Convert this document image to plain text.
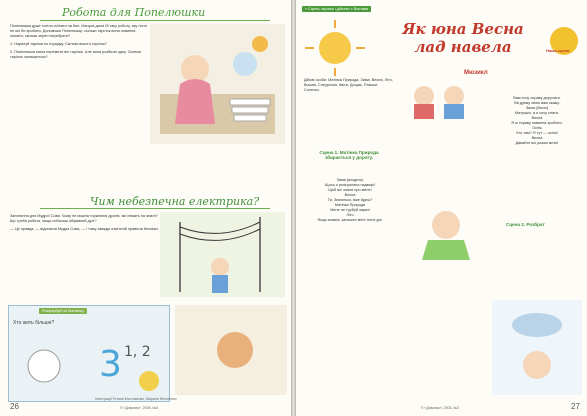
Робота для Попелюшки

Попелюшка дуже хотіла поїхати на бал. Мачуха дала їй таку роботу, яку ніхто не міг би зробити. Допоможи Попелюшці: скільки тарілок вона повинна помити, скільки зерен перебрати?

1. Нарахуй тарілки по порядку. Скільки всього тарілок?

2. Попелюшка мала перемити всі тарілки. Але вона розбила одну. Скільки тарілок залишилося?

Чим небезпечна електрика?

Запитання для Мудрої Сови. Чому не можна торкатися дротів, які лежать на землі? Що треба робити, якщо побачиш обірваний дріт?

— Це правда, — відповіла Мудра Сова, — і тому завжди пам’ятай правила безпеки.

Розфарбуй на Малюнку
Хто жить більше?
3 1, 2
Ілюстрації Тетяни Мостовенко, Марини Філоненко
26	© «Дзвоник», 2008, №3
« Сцена, музика і дійство » Вистава
Як юна Весна лад навела	Наша сцена
Мюзикл

Дійові особи: Матінка Природа, Зима, Весна, Літо, Вишня, Снігурочка, Квіти, Дощик, Пташки, Сонечко.

Сцена 1. Матінка Природа збирається у дорогу.

Зима (входить)

Щось я розігралася надворі!

Щоб всі знали про мене!

Весна

Ти, Зимонько, вже йдеш?

Матінка Природа

Мене не турбуй зараз!

Літо

Якщо можна, залиште мені теплі дні.

Вам хочу справу доручити.

Ви думку свою вам скажу.

Зима (Весні)

Матушко, а я хочу спати.

Весна

Я ж справу повинна зробити.

Осінь

Хто там? Я тут — осінь!

Весна

Давайте всі разом жити!

Сцена 2. Розбрат
27
© «Дзвоник», 2008, №3
